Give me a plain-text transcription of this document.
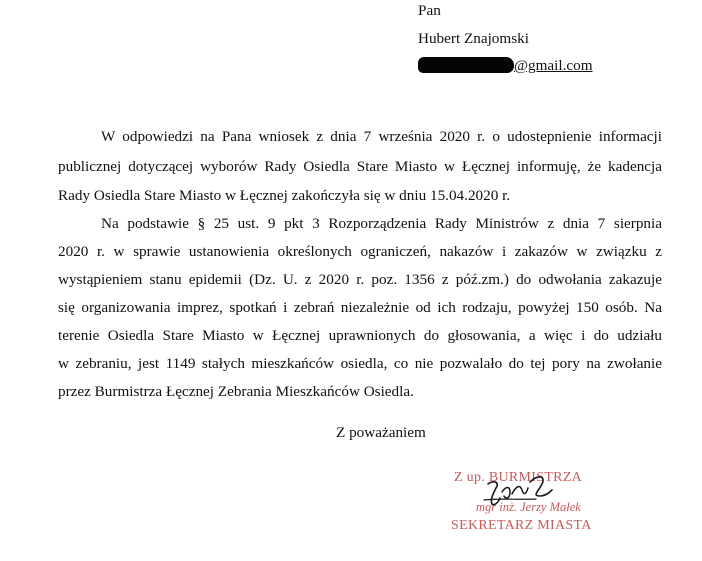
Pan
Hubert Znajomski
@gmail.com
W odpowiedzi na Pana wniosek z dnia 7 września 2020 r. o udostepnienie informacji
publicznej dotyczącej wyborów Rady Osiedla Stare Miasto w Łęcznej informuję, że kadencja
Rady Osiedla Stare Miasto w Łęcznej zakończyła się w dniu 15.04.2020 r.
Na podstawie § 25 ust. 9 pkt 3 Rozporządzenia Rady Ministrów z dnia 7 sierpnia
2020 r. w sprawie ustanowienia określonych ograniczeń, nakazów i zakazów w związku z
wystąpieniem stanu epidemii (Dz. U. z 2020 r. poz. 1356 z póź.zm.) do odwołania zakazuje
się organizowania imprez, spotkań i zebrań niezależnie od ich rodzaju, powyżej 150 osób. Na
terenie Osiedla Stare Miasto w Łęcznej uprawnionych do głosowania, a więc i do udziału
w zebraniu, jest 1149 stałych mieszkańców osiedla, co nie pozwalało do tej pory na zwołanie
przez Burmistrza Łęcznej Zebrania Mieszkańców Osiedla.
Z poważaniem
Z up. BURMISTRZA
mgr inż. Jerzy Małek
SEKRETARZ MIASTA
